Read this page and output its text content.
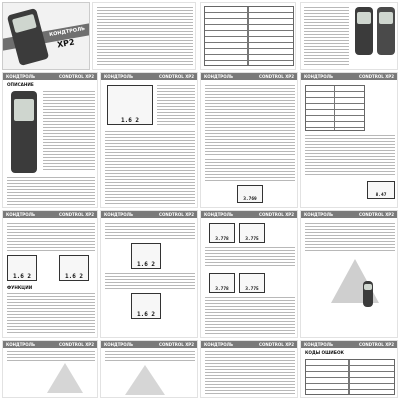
КОНДТРОЛЬ
XP2
КОНДТРОЛЬ	CONDTROL XP2
ОПИСАНИЕ
КОНДТРОЛЬ	CONDTROL XP2
1.6 2
КОНДТРОЛЬ	CONDTROL XP2
3.769
КОНДТРОЛЬ	CONDTROL XP2
8.47
КОНДТРОЛЬ	CONDTROL XP2
1.6 2	1.6 2
ФУНКЦИИ
КОНДТРОЛЬ	CONDTROL XP2
1.6 2
1.6 2
КОНДТРОЛЬ	CONDTROL XP2
3.778	3.775
3.778	3.775
КОНДТРОЛЬ	CONDTROL XP2
КОНДТРОЛЬ	CONDTROL XP2	КОНДТРОЛЬ	CONDTROL XP2	КОНДТРОЛЬ	CONDTROL XP2	КОНДТРОЛЬ	CONDTROL XP2
КОДЫ ОШИБОК
